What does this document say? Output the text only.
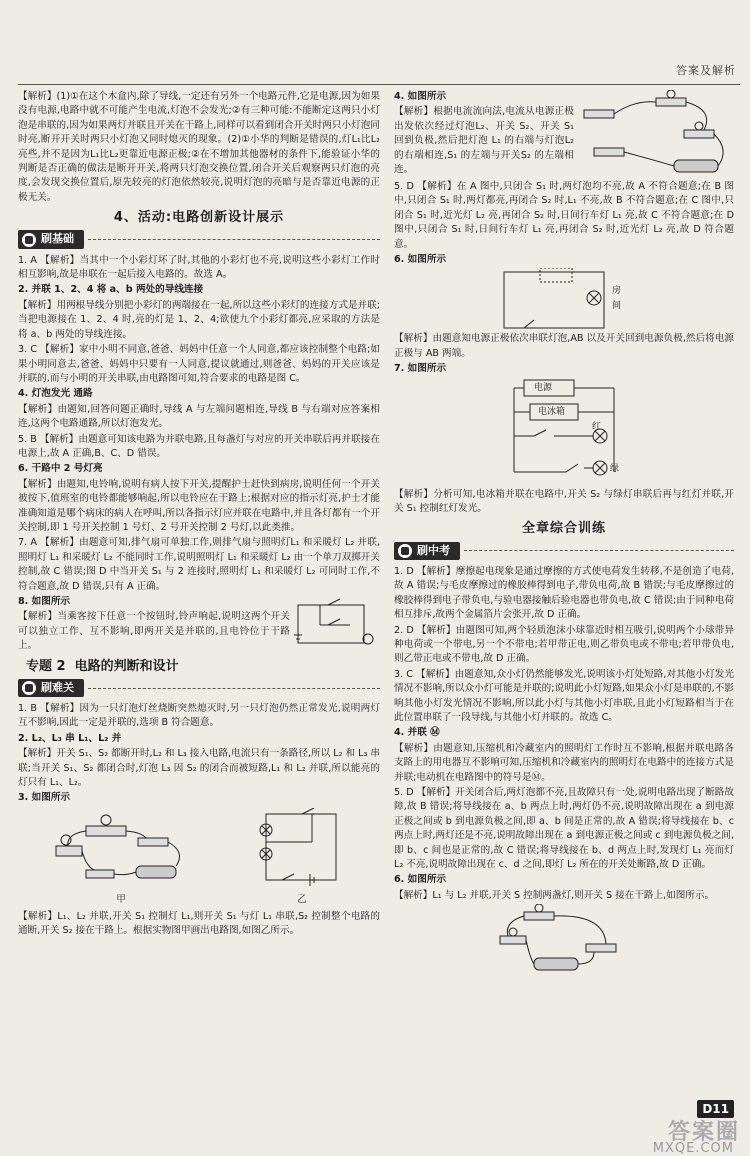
答案及解析

【解析】(1)①在这个木盒内,除了导线,一定还有另外一个电路元件,它是电源,因为如果没有电源,电路中就不可能产生电流,灯泡不会发光;②有三种可能:不能断定这两只小灯泡是串联的,因为如果两灯并联且开关在干路上,同样可以看到闭合开关时两只小灯泡同时亮,断开开关时两只小灯泡又同时熄灭的现象。(2)①小华的判断是错误的,灯L₁比L₂亮些,并不是因为L₁比L₂更靠近电源正极;②在不增加其他器材的条件下,能验证小华的判断是否正确的做法是断开开关,将两只灯泡交换位置,闭合开关后观察两只灯泡的亮度,会发现交换位置后,原先较亮的灯泡依然较亮,说明灯泡的亮暗与是否靠近电源的正极无关。

4、活动:电路创新设计展示
刷基础

1. A 【解析】当其中一个小彩灯坏了时,其他的小彩灯也不亮,说明这些小彩灯工作时相互影响,故是串联在一起后接入电路的。故选 A。

2. 并联 1、2、4 将 a、b 两处的导线连接

【解析】用两根导线分别把小彩灯的两端接在一起,所以这些小彩灯的连接方式是并联;当把电源接在 1、2、4 时,亮的灯是 1、2、4;欲使九个小彩灯都亮,应采取的方法是将 a、b 两处的导线连接。

3. C 【解析】家中小明不同意,爸爸、妈妈中任意一个人同意,都应该控制整个电路;如果小明同意去,爸爸、妈妈中只要有一人同意,提议就通过,则爸爸、妈妈的开关应该是并联的,而与小明的开关串联,由电路图可知,符合要求的电路是图 C。

4. 灯泡发光 通路

【解析】由题知,回答问题正确时,导线 A 与左端问题相连,导线 B 与右端对应答案相连,这两个电路通路,所以灯泡发光。

5. B 【解析】由题意可知该电路为并联电路,且每盏灯与对应的开关串联后再并联接在电源上,故 A 正确,B、C、D 错误。

6. 干路中 2 号灯亮

【解析】由题知,电铃响,说明有病人按下开关,提醒护士赶快到病房,说明任何一个开关被按下,值班室的电铃都能够响起,所以电铃应在干路上;根据对应的指示灯亮,护士才能准确知道是哪个病床的病人在呼叫,所以各指示灯应并联在电路中,并且各灯都有一个开关控制,即 1 号开关控制 1 号灯、2 号开关控制 2 号灯,以此类推。

7. A 【解析】由题意可知,排气扇可单独工作,则排气扇与照明灯L₁ 和采暖灯 L₂ 并联,照明灯 L₁ 和采暖灯 L₂ 不能同时工作,说明照明灯 L₁ 和采暖灯 L₂ 由一个单刀双掷开关控制,故 C 错误;图 D 中当开关 S₁ 与 2 连接时,照明灯 L₁ 和采暖灯 L₂ 可同时工作,不符合题意,故 D 错误,只有 A 正确。

8. 如图所示

【解析】当乘客按下任意一个按钮时,铃声响起,说明这两个开关可以独立工作、互不影响,即两开关是并联的,且电铃位于干路上。

专题 2 电路的判断和设计
刷难关

1. B 【解析】因为一只灯泡灯丝烧断突然熄灭时,另一只灯泡仍然正常发光,说明两灯互不影响,因此一定是并联的,选项 B 符合题意。

2. L₂、L₃ 串 L₁、L₂ 并

【解析】开关 S₁、S₂ 都断开时,L₂ 和 L₃ 接入电路,电流只有一条路径,所以 L₂ 和 L₃ 串联;当开关 S₁、S₂ 都闭合时,灯泡 L₃ 因 S₂ 的闭合而被短路,L₁ 和 L₂ 并联,所以能亮的灯只有 L₁、L₂。

3. 如图所示

甲	乙

【解析】L₁、L₂ 并联,开关 S₁ 控制灯 L₁,则开关 S₁ 与灯 L₁ 串联,S₂ 控制整个电路的通断,开关 S₂ 接在干路上。根据实物图甲画出电路图,如图乙所示。

4. 如图所示

【解析】根据电流流向法,电流从电源正极出发依次经过灯泡L₂、开关 S₂、开关 S₁ 回到负极,然后把灯泡 L₁ 的右端与灯泡L₂ 的右端相连,S₁ 的左端与开关S₂ 的左端相连。

5. D 【解析】在 A 图中,只闭合 S₁ 时,两灯泡均不亮,故 A 不符合题意;在 B 图中,只闭合 S₁ 时,两灯都亮,再闭合 S₂ 时,L₁ 不亮,故 B 不符合题意;在 C 图中,只闭合 S₁ 时,近光灯 L₂ 亮,再闭合 S₂ 时,日间行车灯 L₁ 亮,故 C 不符合题意;在 D 图中,只闭合 S₁ 时,日间行车灯 L₁ 亮,再闭合 S₂ 时,近光灯 L₂ 亮,故 D 符合题意。

6. 如图所示

房间

【解析】由题意知电源正极依次串联灯泡,AB 以及开关回到电源负极,然后将电源正极与 AB 两端。

7. 如图所示

电源
电冰箱
红
绿

【解析】分析可知,电冰箱并联在电路中,开关 S₂ 与绿灯串联后再与红灯并联,开关 S₁ 控制红灯发光。

全章综合训练
刷中考

1. D 【解析】摩擦起电现象是通过摩擦的方式使电荷发生转移,不是创造了电荷,故 A 错误;与毛皮摩擦过的橡胶棒得到电子,带负电荷,故 B 错误;与毛皮摩擦过的橡胶棒得到电子带负电,与验电器接触后验电器也带负电,故 C 错误;由于同种电荷相互排斥,故两个金属箔片会张开,故 D 正确。

2. D 【解析】由题图可知,两个轻质泡沫小球靠近时相互吸引,说明两个小球带异种电荷或一个带电,另一个不带电;若甲带正电,则乙带负电或不带电;若甲带负电,则乙带正电或不带电,故 D 正确。

3. C 【解析】由题意知,众小灯仍然能够发光,说明该小灯处短路,对其他小灯发光情况不影响,所以众小灯可能是并联的;说明此小灯短路,如果众小灯是串联的,不影响其他小灯发光情况不影响,所以此小灯与其他小灯串联,且此小灯短路相当于在此位置串联了一段导线,与其他小灯并联的。故选 C。

4. 并联 Ⓜ

【解析】由题意知,压缩机和冷藏室内的照明灯工作时互不影响,根据并联电路各支路上的用电器互不影响可知,压缩机和冷藏室内的照明灯在电路中的连接方式是并联;电动机在电路图中的符号是Ⓜ。

5. D 【解析】开关闭合后,两灯泡都不亮,且故障只有一处,说明电路出现了断路故障,故 B 错误;将导线接在 a、b 两点上时,两灯仍不亮,说明故障出现在 a 到电源正极之间或 b 到电源负极之间,即 a、b 间是正常的,故 A 错误;将导线接在 b、c 两点上时,两灯还是不亮,说明故障出现在 a 到电源正极之间或 c 到电源负极之间,即 b、c 间也是正常的,故 C 错误;将导线接在 b、d 两点上时,发现灯 L₁ 亮而灯 L₂ 不亮,说明故障出现在 c、d 之间,即灯 L₂ 所在的开关处断路,故 D 正确。

6. 如图所示

【解析】L₁ 与 L₂ 并联,开关 S 控制两盏灯,则开关 S 接在干路上,如图所示。

D11
答案圈
MXQE.COM
